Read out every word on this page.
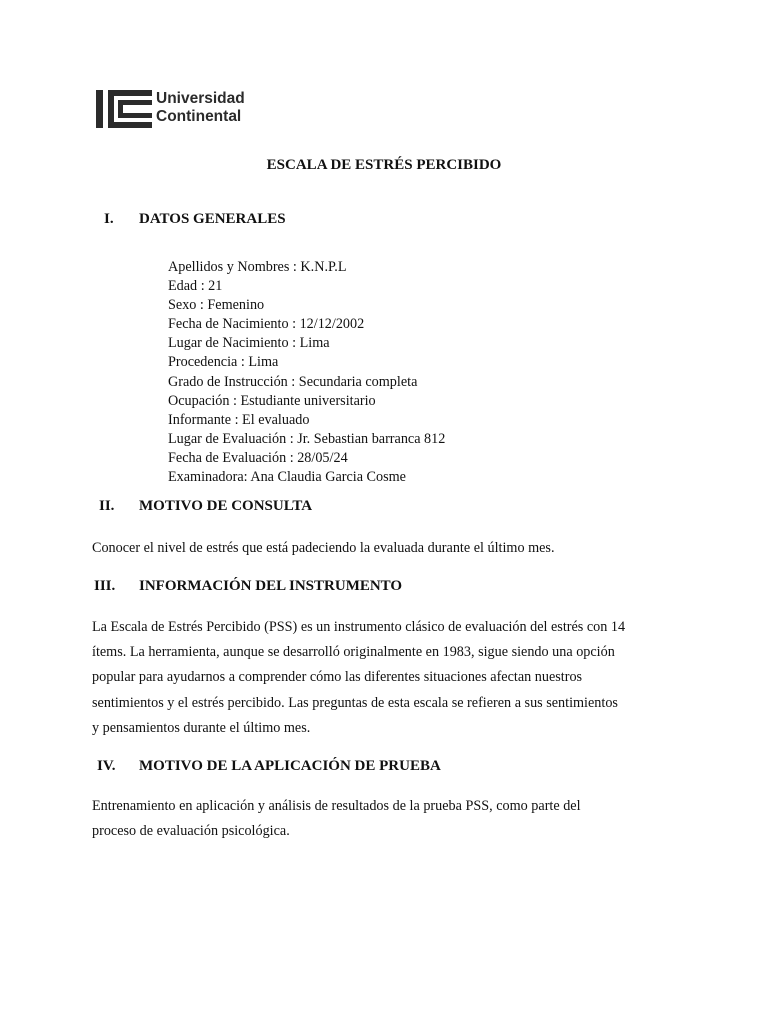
Universidad
Continental
ESCALA DE ESTRÉS PERCIBIDO
I. DATOS GENERALES
Apellidos y Nombres : K.N.P.L
Edad : 21
Sexo : Femenino
Fecha de Nacimiento : 12/12/2002
Lugar de Nacimiento : Lima
Procedencia : Lima
Grado de Instrucción : Secundaria completa
Ocupación : Estudiante universitario
Informante : El evaluado
Lugar de Evaluación : Jr. Sebastian barranca 812
Fecha de Evaluación : 28/05/24
Examinadora: Ana Claudia Garcia Cosme
II. MOTIVO DE CONSULTA

Conocer el nivel de estrés que está padeciendo la evaluada durante el último mes.

III. INFORMACIÓN DEL INSTRUMENTO

La Escala de Estrés Percibido (PSS) es un instrumento clásico de evaluación del estrés con 14
ítems. La herramienta, aunque se desarrolló originalmente en 1983, sigue siendo una opción
popular para ayudarnos a comprender cómo las diferentes situaciones afectan nuestros
sentimientos y el estrés percibido. Las preguntas de esta escala se refieren a sus sentimientos
y pensamientos durante el último mes.

IV. MOTIVO DE LA APLICACIÓN DE PRUEBA

Entrenamiento en aplicación y análisis de resultados de la prueba PSS, como parte del
proceso de evaluación psicológica.
